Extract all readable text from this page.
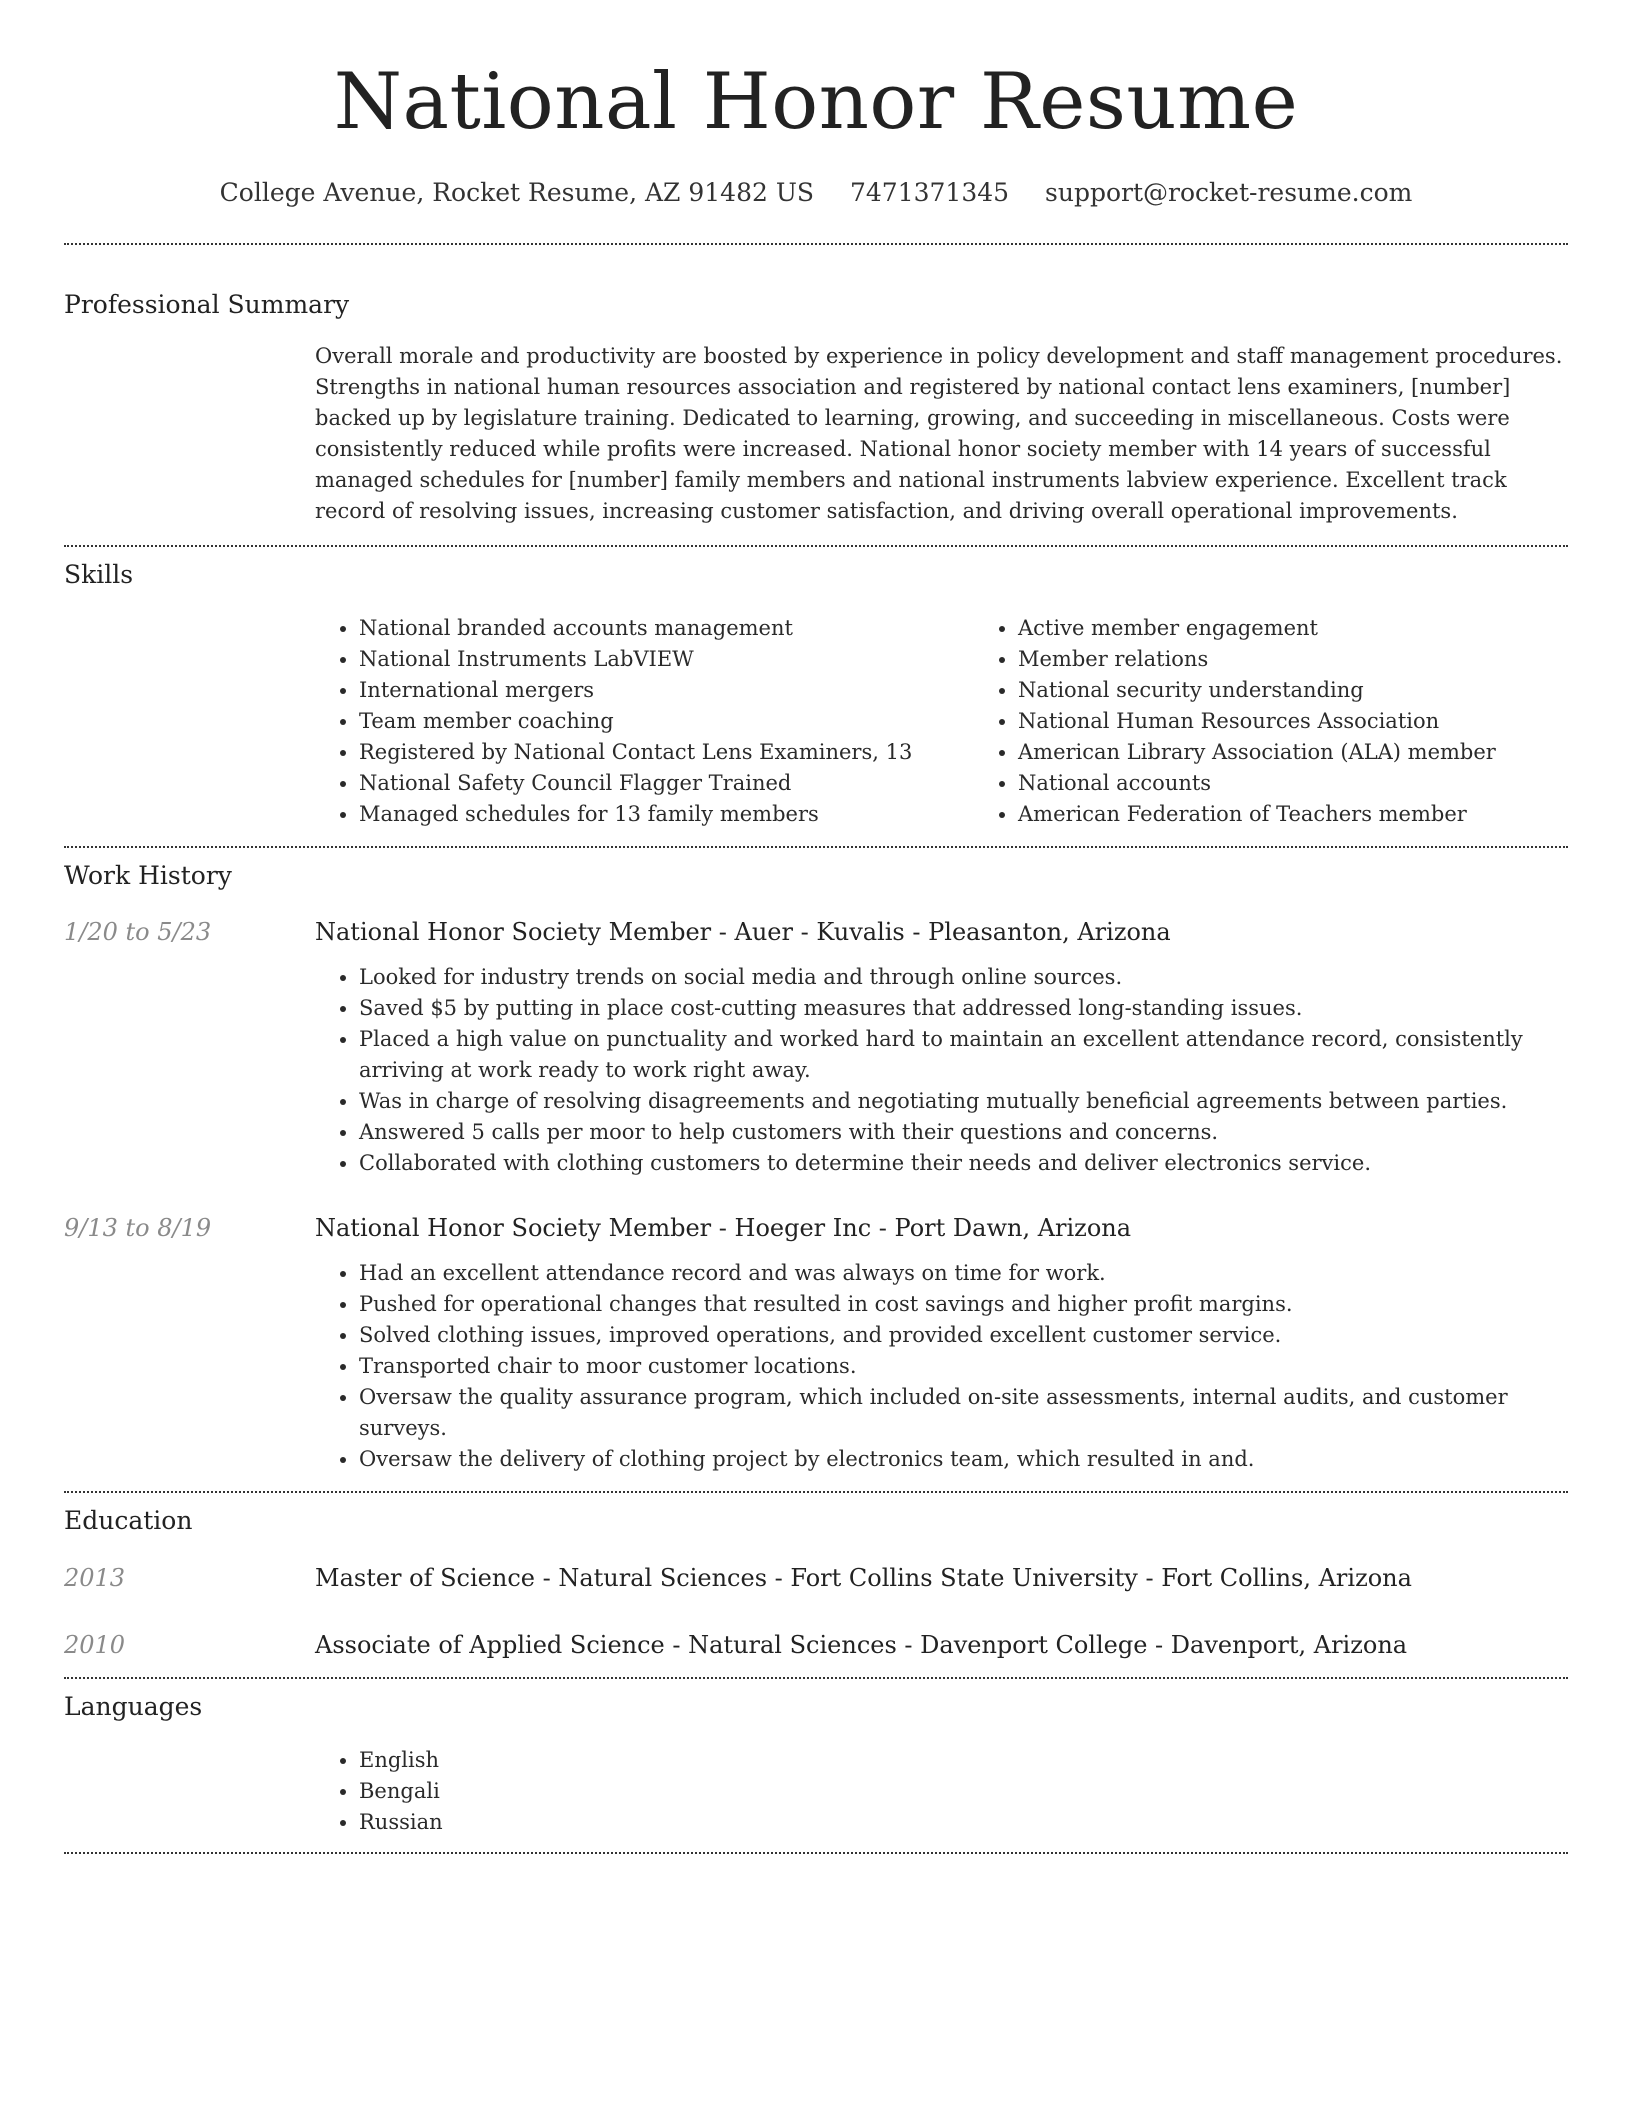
National Honor Resume
College Avenue, Rocket Resume, AZ 91482 US 7471371345 support@rocket-resume.com
Professional Summary

Overall morale and productivity are boosted by experience in policy development and staff management procedures. Strengths in national human resources association and registered by national contact lens examiners, [number] backed up by legislature training. Dedicated to learning, growing, and succeeding in miscellaneous. Costs were consistently reduced while profits were increased. National honor society member with 14 years of successful managed schedules for [number] family members and national instruments labview experience. Excellent track record of resolving issues, increasing customer satisfaction, and driving overall operational improvements.

Skills
• National branded accounts management
• National Instruments LabVIEW
• International mergers
• Team member coaching
• Registered by National Contact Lens Examiners, 13
• National Safety Council Flagger Trained
• Managed schedules for 13 family members
• Active member engagement
• Member relations
• National security understanding
• National Human Resources Association
• American Library Association (ALA) member
• National accounts
• American Federation of Teachers member
Work History
1/20 to 5/23	National Honor Society Member - Auer - Kuvalis - Pleasanton, Arizona
• Looked for industry trends on social media and through online sources.
• Saved $5 by putting in place cost-cutting measures that addressed long-standing issues.
• Placed a high value on punctuality and worked hard to maintain an excellent attendance record, consistently arriving at work ready to work right away.
• Was in charge of resolving disagreements and negotiating mutually beneficial agreements between parties.
• Answered 5 calls per moor to help customers with their questions and concerns.
• Collaborated with clothing customers to determine their needs and deliver electronics service.
9/13 to 8/19	National Honor Society Member - Hoeger Inc - Port Dawn, Arizona
• Had an excellent attendance record and was always on time for work.
• Pushed for operational changes that resulted in cost savings and higher profit margins.
• Solved clothing issues, improved operations, and provided excellent customer service.
• Transported chair to moor customer locations.
• Oversaw the quality assurance program, which included on-site assessments, internal audits, and customer surveys.
• Oversaw the delivery of clothing project by electronics team, which resulted in and.
Education
2013	Master of Science - Natural Sciences - Fort Collins State University - Fort Collins, Arizona
2010	Associate of Applied Science - Natural Sciences - Davenport College - Davenport, Arizona
Languages
• English
• Bengali
• Russian
